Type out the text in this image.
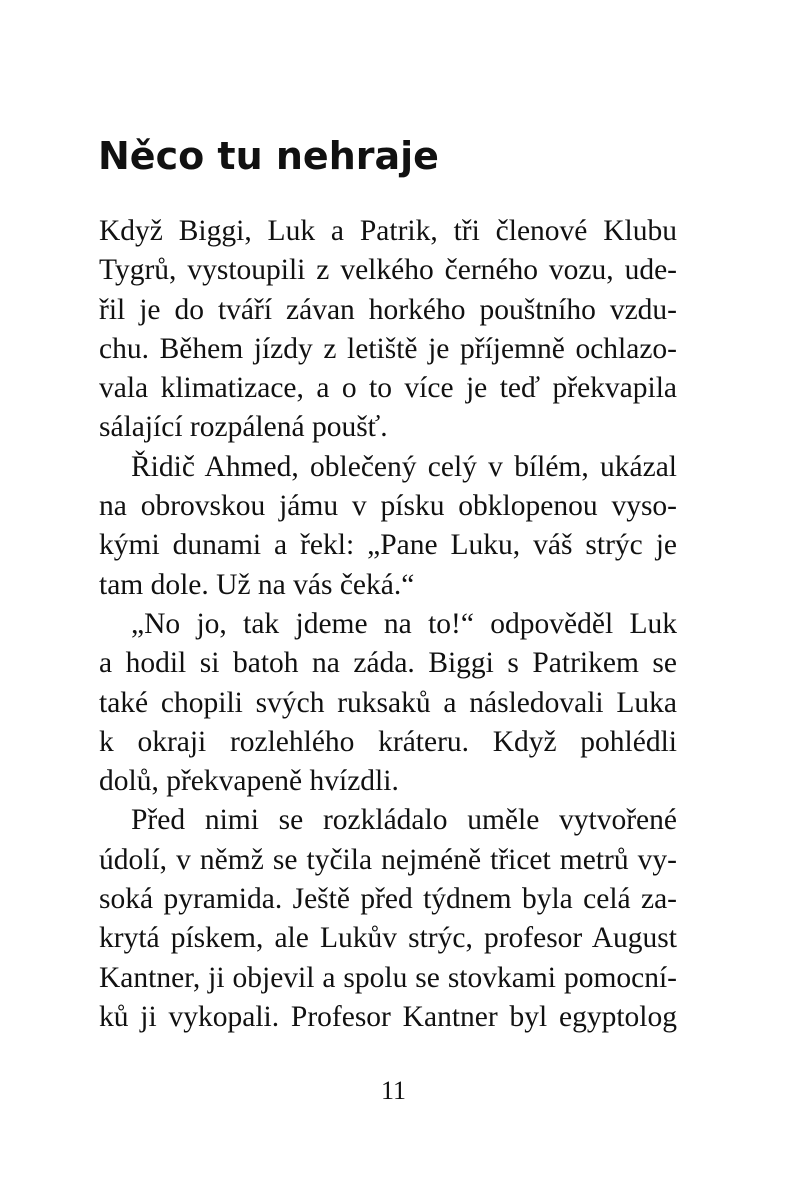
Něco tu nehraje
Když Biggi, Luk a Patrik, tři členové Klubu
Tygrů, vystoupili z velkého černého vozu, ude-
řil je do tváří závan horkého pouštního vzdu-
chu. Během jízdy z letiště je příjemně ochlazo-
vala klimatizace, a o to více je teď překvapila
sálající rozpálená poušť.
Řidič Ahmed, oblečený celý v bílém, ukázal
na obrovskou jámu v písku obklopenou vyso-
kými dunami a řekl: „Pane Luku, váš strýc je
tam dole. Už na vás čeká.“
„No jo, tak jdeme na to!“ odpověděl Luk
a hodil si batoh na záda. Biggi s Patrikem se
také chopili svých ruksaků a následovali Luka
k okraji rozlehlého kráteru. Když pohlédli
dolů, překvapeně hvízdli.
Před nimi se rozkládalo uměle vytvořené
údolí, v němž se tyčila nejméně třicet metrů vy-
soká pyramida. Ještě před týdnem byla celá za-
krytá pískem, ale Lukův strýc, profesor August
Kantner, ji objevil a spolu se stovkami pomocní-
ků ji vykopali. Profesor Kantner byl egyptolog
11
